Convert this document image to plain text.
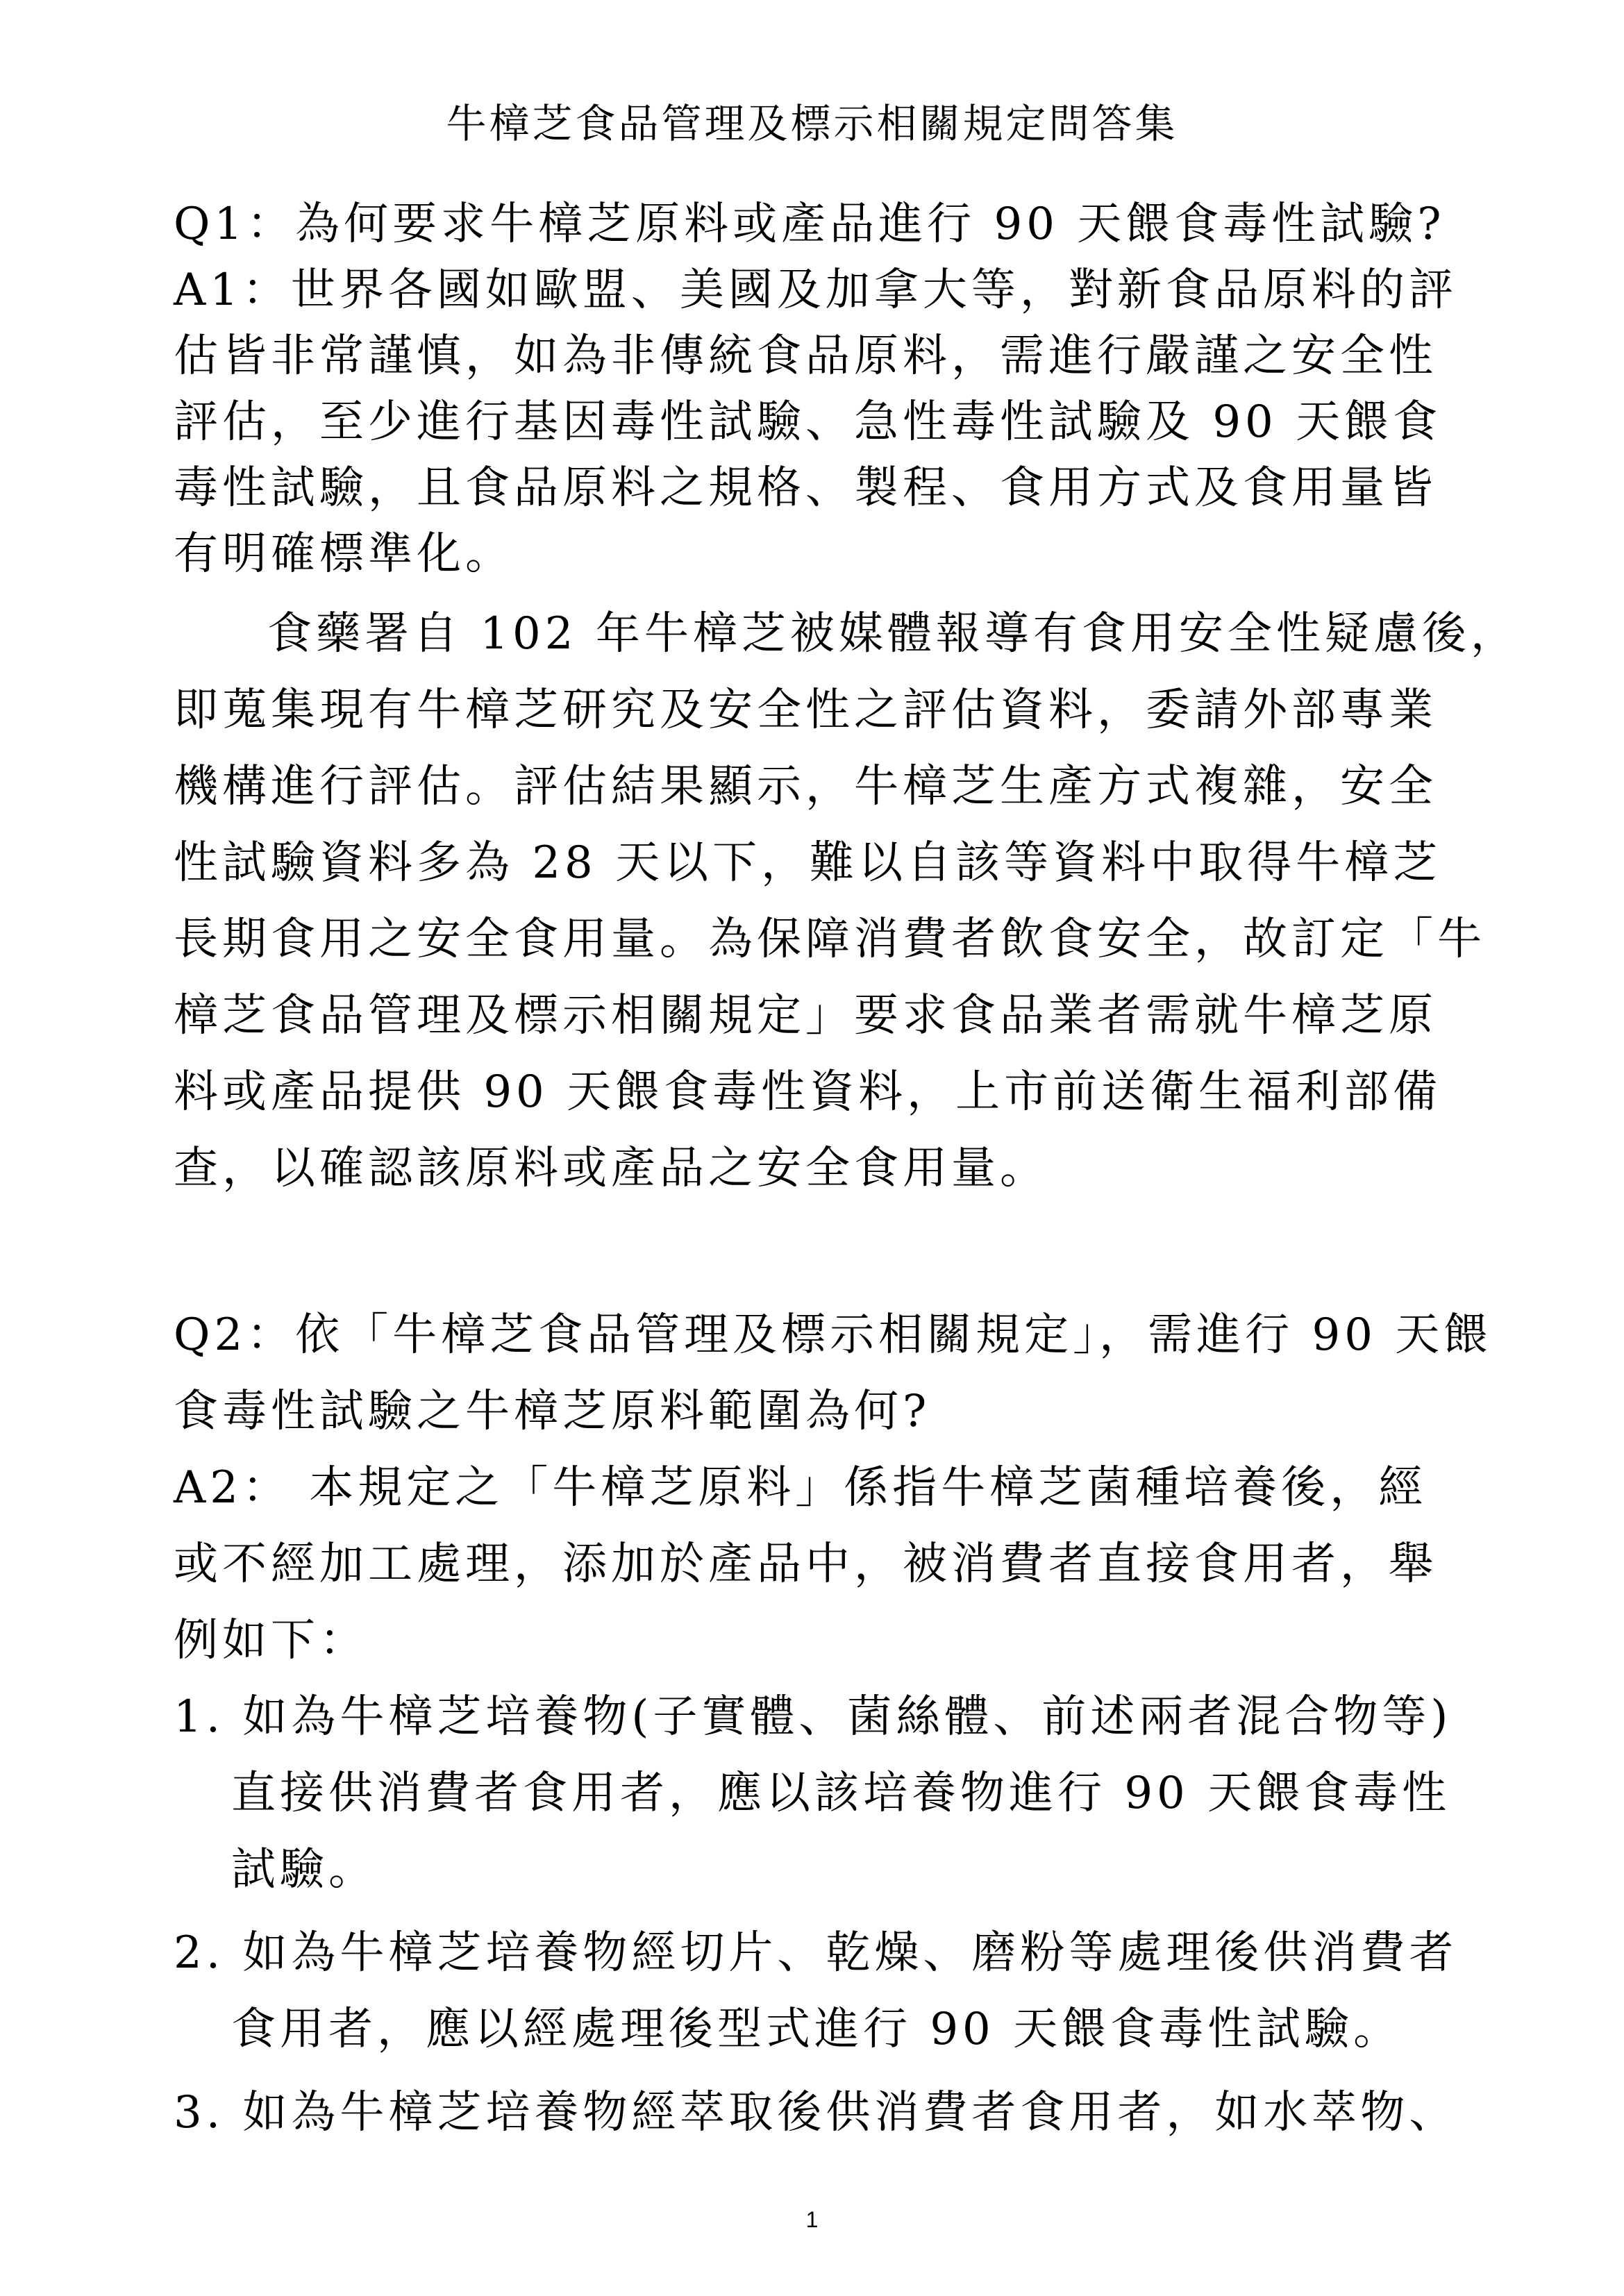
牛樟芝食品管理及標示相關規定問答集
Q1：為何要求牛樟芝原料或產品進行 90 天餵食毒性試驗?
A1：世界各國如歐盟、美國及加拿大等，對新食品原料的評
估皆非常謹慎，如為非傳統食品原料，需進行嚴謹之安全性
評估，至少進行基因毒性試驗、急性毒性試驗及 90 天餵食
毒性試驗，且食品原料之規格、製程、食用方式及食用量皆
有明確標準化。
食藥署自 102 年牛樟芝被媒體報導有食用安全性疑慮後，
即蒐集現有牛樟芝研究及安全性之評估資料，委請外部專業
機構進行評估。評估結果顯示，牛樟芝生產方式複雜，安全
性試驗資料多為 28 天以下，難以自該等資料中取得牛樟芝
長期食用之安全食用量。為保障消費者飲食安全，故訂定「牛
樟芝食品管理及標示相關規定」要求食品業者需就牛樟芝原
料或產品提供 90 天餵食毒性資料，上市前送衛生福利部備
查，以確認該原料或產品之安全食用量。
Q2：依「牛樟芝食品管理及標示相關規定」，需進行 90 天餵
食毒性試驗之牛樟芝原料範圍為何?
A2： 本規定之「牛樟芝原料」係指牛樟芝菌種培養後，經
或不經加工處理，添加於產品中，被消費者直接食用者，舉
例如下：
1. 如為牛樟芝培養物(子實體、菌絲體、前述兩者混合物等)
直接供消費者食用者，應以該培養物進行 90 天餵食毒性
試驗。
2. 如為牛樟芝培養物經切片、乾燥、磨粉等處理後供消費者
食用者，應以經處理後型式進行 90 天餵食毒性試驗。
3. 如為牛樟芝培養物經萃取後供消費者食用者，如水萃物、
1
